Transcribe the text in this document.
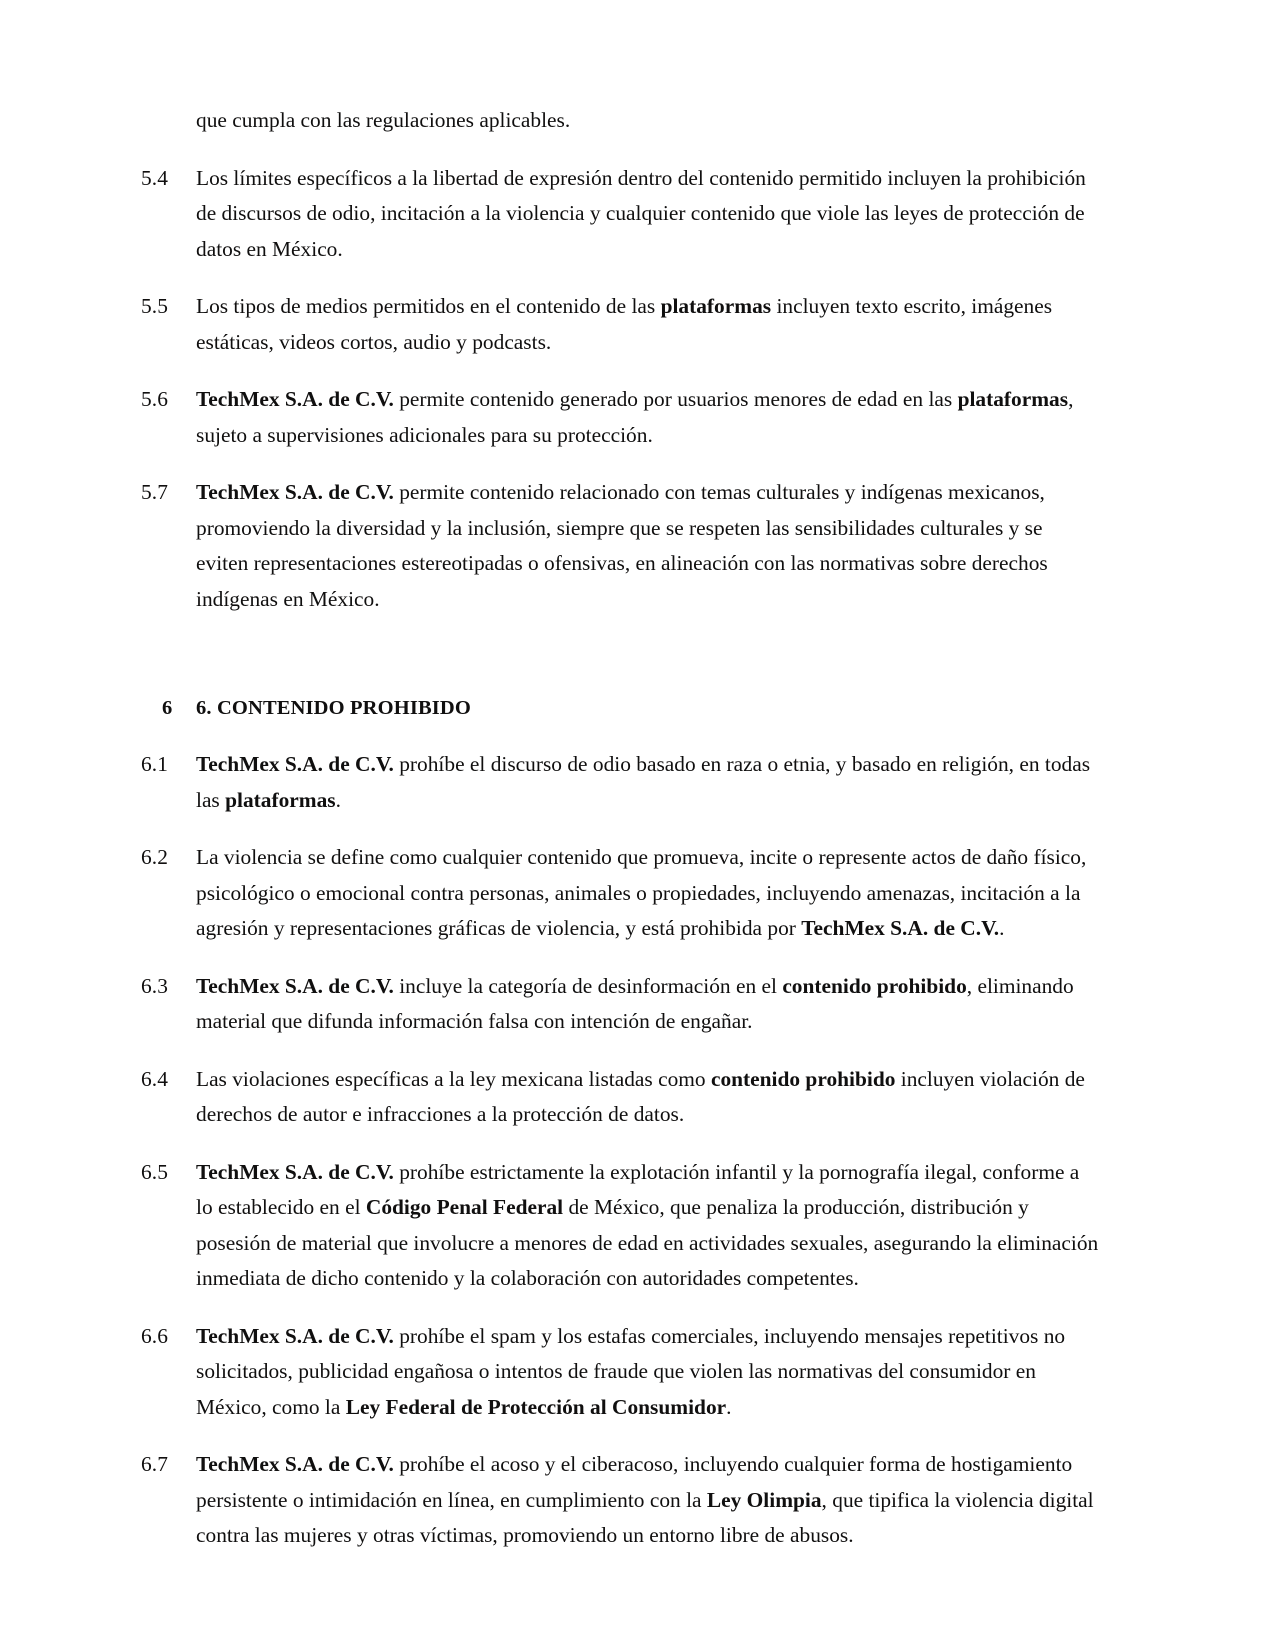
que cumpla con las regulaciones aplicables.

5.4	Los límites específicos a la libertad de expresión dentro del contenido permitido incluyen la prohibición de discursos de odio, incitación a la violencia y cualquier contenido que viole las leyes de protección de datos en México.
5.5	Los tipos de medios permitidos en el contenido de las plataformas incluyen texto escrito, imágenes estáticas, videos cortos, audio y podcasts.
5.6	TechMex S.A. de C.V. permite contenido generado por usuarios menores de edad en las plataformas, sujeto a supervisiones adicionales para su protección.
5.7	TechMex S.A. de C.V. permite contenido relacionado con temas culturales y indígenas mexicanos, promoviendo la diversidad y la inclusión, siempre que se respeten las sensibilidades culturales y se eviten representaciones estereotipadas o ofensivas, en alineación con las normativas sobre derechos indígenas en México.
6	6. CONTENIDO PROHIBIDO
6.1	TechMex S.A. de C.V. prohíbe el discurso de odio basado en raza o etnia, y basado en religión, en todas las plataformas.
6.2	La violencia se define como cualquier contenido que promueva, incite o represente actos de daño físico, psicológico o emocional contra personas, animales o propiedades, incluyendo amenazas, incitación a la agresión y representaciones gráficas de violencia, y está prohibida por TechMex S.A. de C.V..
6.3	TechMex S.A. de C.V. incluye la categoría de desinformación en el contenido prohibido, eliminando material que difunda información falsa con intención de engañar.
6.4	Las violaciones específicas a la ley mexicana listadas como contenido prohibido incluyen violación de derechos de autor e infracciones a la protección de datos.
6.5	TechMex S.A. de C.V. prohíbe estrictamente la explotación infantil y la pornografía ilegal, conforme a lo establecido en el Código Penal Federal de México, que penaliza la producción, distribución y posesión de material que involucre a menores de edad en actividades sexuales, asegurando la eliminación inmediata de dicho contenido y la colaboración con autoridades competentes.
6.6	TechMex S.A. de C.V. prohíbe el spam y los estafas comerciales, incluyendo mensajes repetitivos no solicitados, publicidad engañosa o intentos de fraude que violen las normativas del consumidor en México, como la Ley Federal de Protección al Consumidor.
6.7	TechMex S.A. de C.V. prohíbe el acoso y el ciberacoso, incluyendo cualquier forma de hostigamiento persistente o intimidación en línea, en cumplimiento con la Ley Olimpia, que tipifica la violencia digital contra las mujeres y otras víctimas, promoviendo un entorno libre de abusos.
